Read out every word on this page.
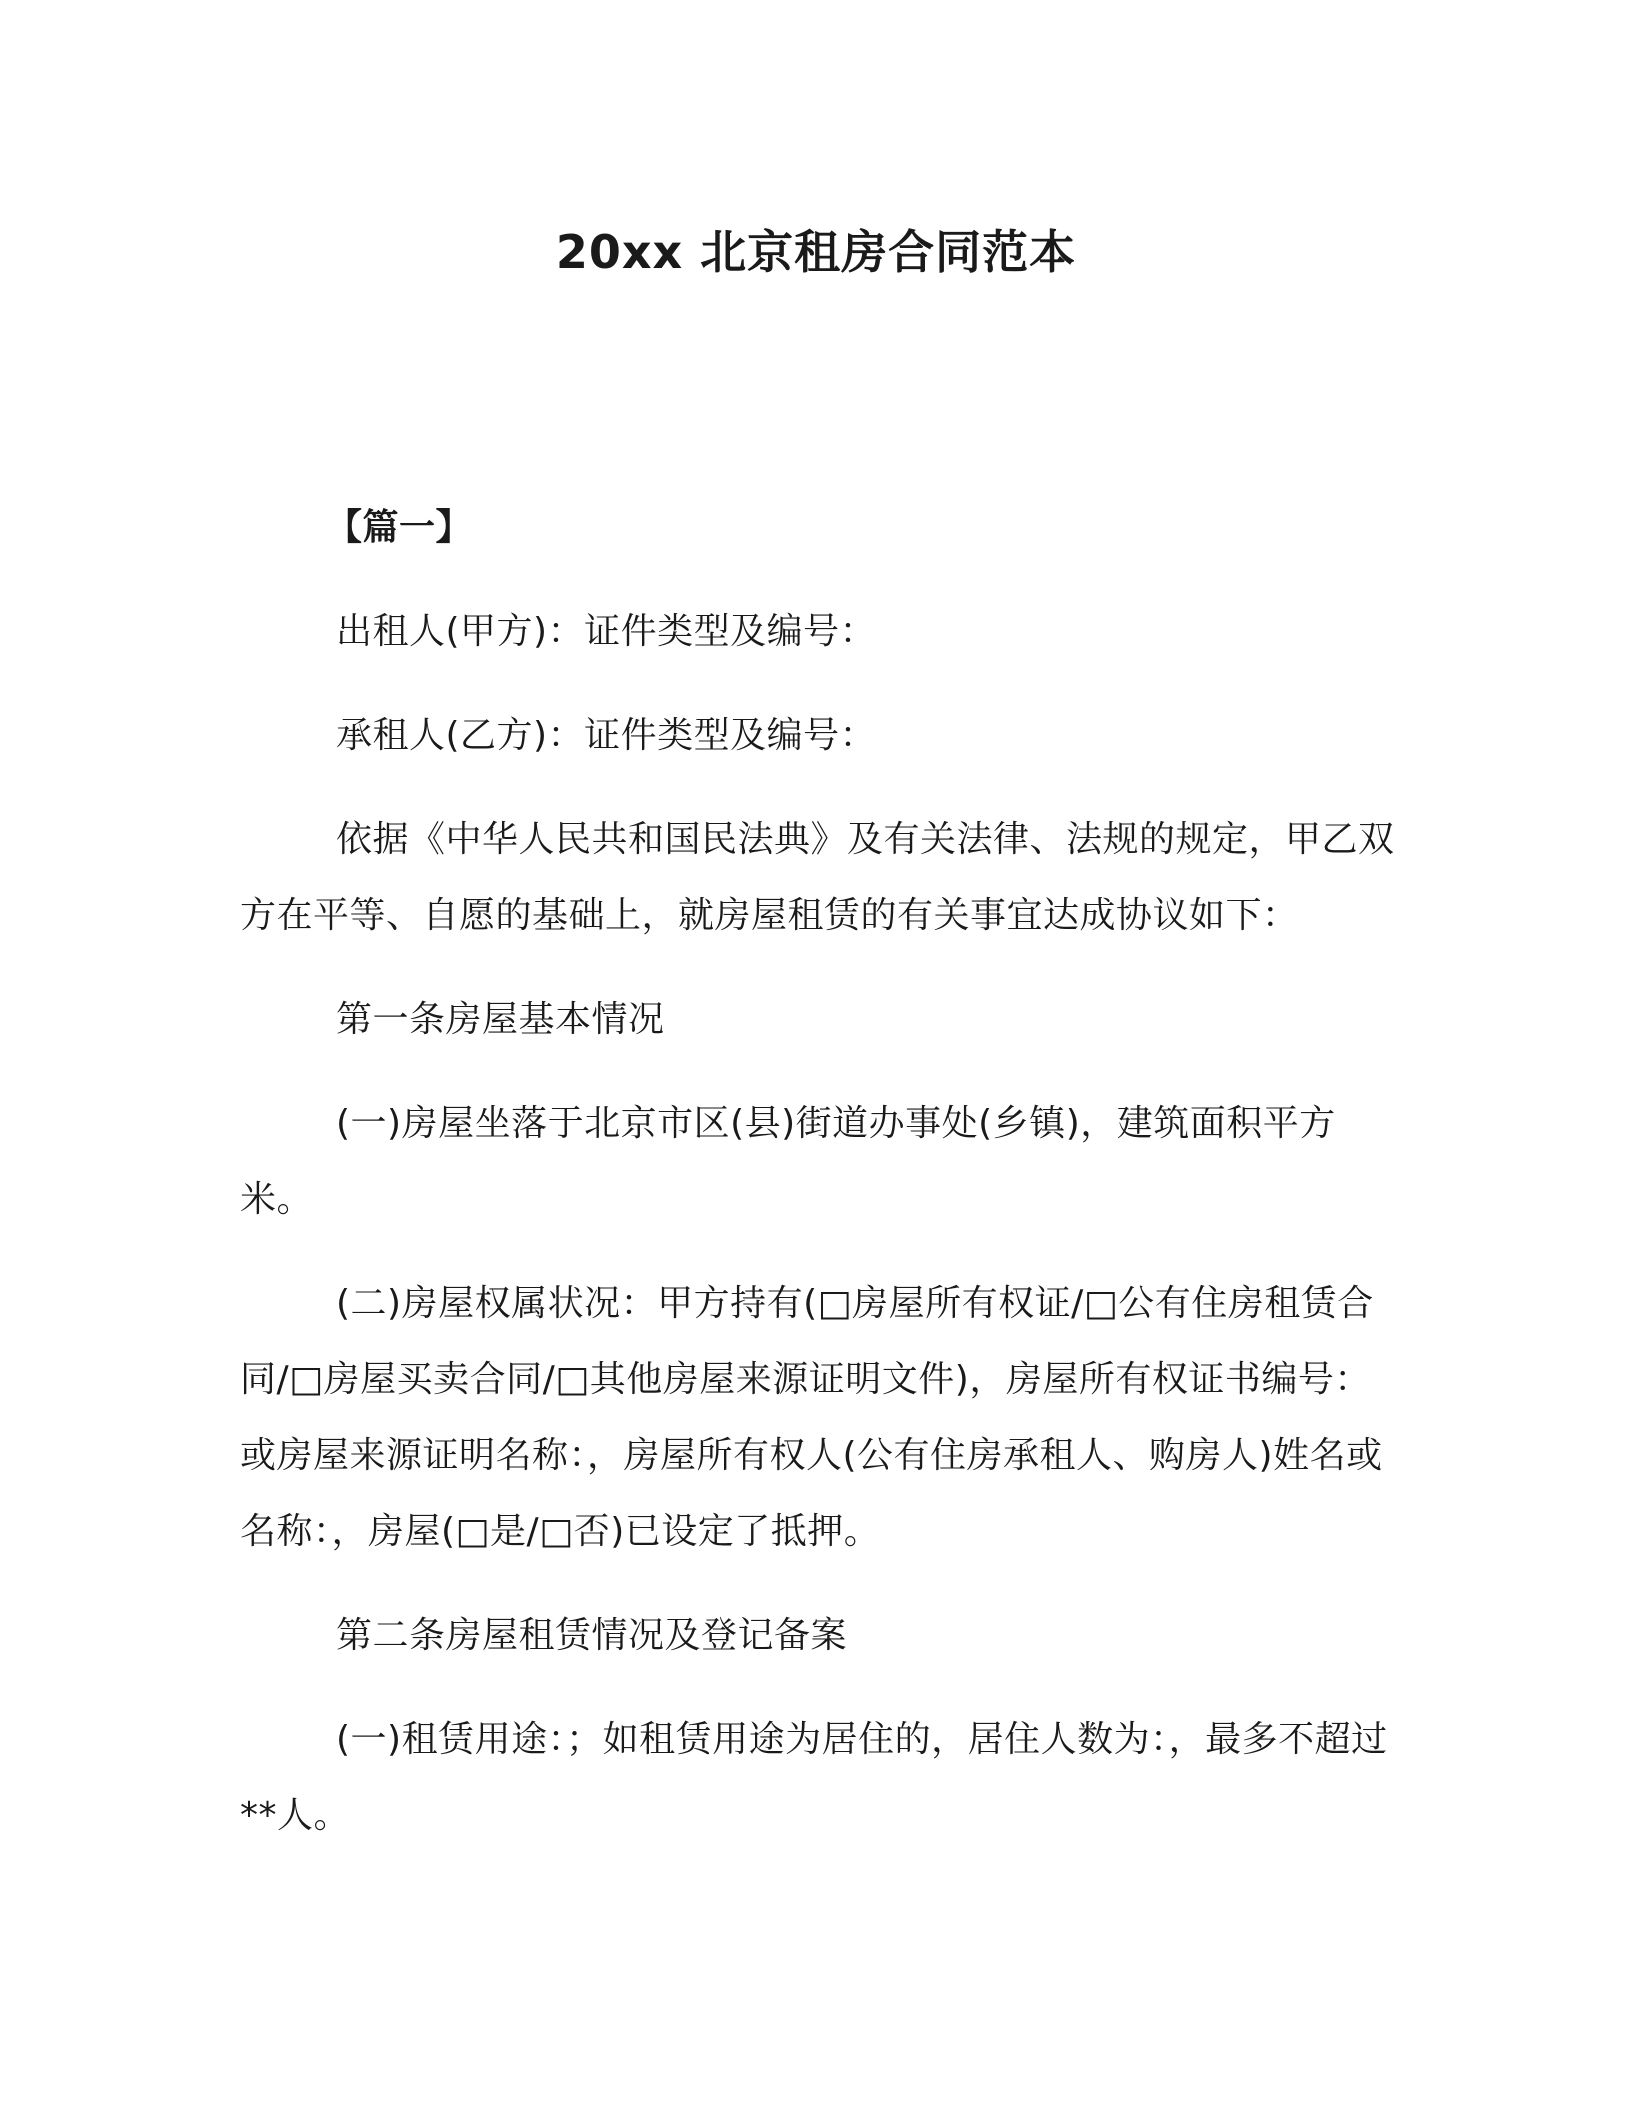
20xx 北京租房合同范本

【篇一】

出租人(甲方)：证件类型及编号：

承租人(乙方)：证件类型及编号：

依据《中华人民共和国民法典》及有关法律、法规的规定，甲乙双方在平等、自愿的基础上，就房屋租赁的有关事宜达成协议如下：

第一条房屋基本情况

(一)房屋坐落于北京市区(县)街道办事处(乡镇)，建筑面积平方米。

(二)房屋权属状况：甲方持有(□房屋所有权证/□公有住房租赁合同/□房屋买卖合同/□其他房屋来源证明文件)，房屋所有权证书编号：或房屋来源证明名称：，房屋所有权人(公有住房承租人、购房人)姓名或名称：，房屋(□是/□否)已设定了抵押。

第二条房屋租赁情况及登记备案

(一)租赁用途：；如租赁用途为居住的，居住人数为：，最多不超过**人。
